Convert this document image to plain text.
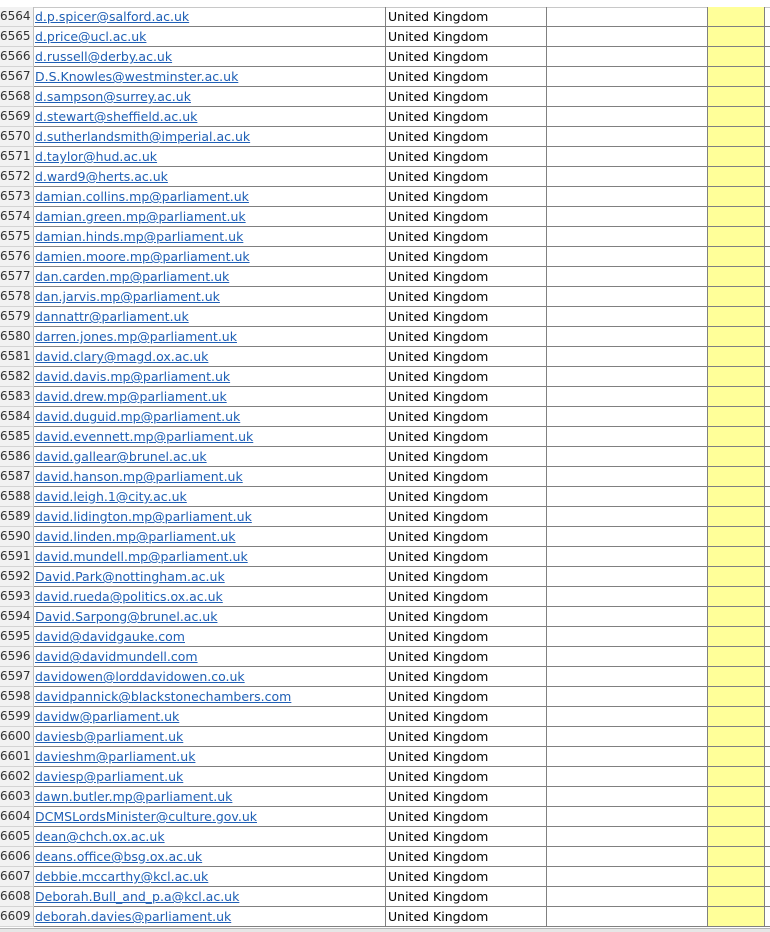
6564 d.p.spicer@salford.ac.uk	United Kingdom
6565 d.price@ucl.ac.uk	United Kingdom
6566 d.russell@derby.ac.uk	United Kingdom
6567 D.S.Knowles@westminster.ac.uk	United Kingdom
6568 d.sampson@surrey.ac.uk	United Kingdom
6569 d.stewart@sheffield.ac.uk	United Kingdom
6570 d.sutherlandsmith@imperial.ac.uk	United Kingdom
6571 d.taylor@hud.ac.uk	United Kingdom
6572 d.ward9@herts.ac.uk	United Kingdom
6573 damian.collins.mp@parliament.uk	United Kingdom
6574 damian.green.mp@parliament.uk	United Kingdom
6575 damian.hinds.mp@parliament.uk	United Kingdom
6576 damien.moore.mp@parliament.uk	United Kingdom
6577 dan.carden.mp@parliament.uk	United Kingdom
6578 dan.jarvis.mp@parliament.uk	United Kingdom
6579 dannattr@parliament.uk	United Kingdom
6580 darren.jones.mp@parliament.uk	United Kingdom
6581 david.clary@magd.ox.ac.uk	United Kingdom
6582 david.davis.mp@parliament.uk	United Kingdom
6583 david.drew.mp@parliament.uk	United Kingdom
6584 david.duguid.mp@parliament.uk	United Kingdom
6585 david.evennett.mp@parliament.uk	United Kingdom
6586 david.gallear@brunel.ac.uk	United Kingdom
6587 david.hanson.mp@parliament.uk	United Kingdom
6588 david.leigh.1@city.ac.uk	United Kingdom
6589 david.lidington.mp@parliament.uk	United Kingdom
6590 david.linden.mp@parliament.uk	United Kingdom
6591 david.mundell.mp@parliament.uk	United Kingdom
6592 David.Park@nottingham.ac.uk	United Kingdom
6593 david.rueda@politics.ox.ac.uk	United Kingdom
6594 David.Sarpong@brunel.ac.uk	United Kingdom
6595 david@davidgauke.com	United Kingdom
6596 david@davidmundell.com	United Kingdom
6597 davidowen@lorddavidowen.co.uk	United Kingdom
6598 davidpannick@blackstonechambers.com	United Kingdom
6599 davidw@parliament.uk	United Kingdom
6600 daviesb@parliament.uk	United Kingdom
6601 davieshm@parliament.uk	United Kingdom
6602 daviesp@parliament.uk	United Kingdom
6603 dawn.butler.mp@parliament.uk	United Kingdom
6604 DCMSLordsMinister@culture.gov.uk	United Kingdom
6605 dean@chch.ox.ac.uk	United Kingdom
6606 deans.office@bsg.ox.ac.uk	United Kingdom
6607 debbie.mccarthy@kcl.ac.uk	United Kingdom
6608 Deborah.Bull_and_p.a@kcl.ac.uk	United Kingdom
6609 deborah.davies@parliament.uk	United Kingdom
